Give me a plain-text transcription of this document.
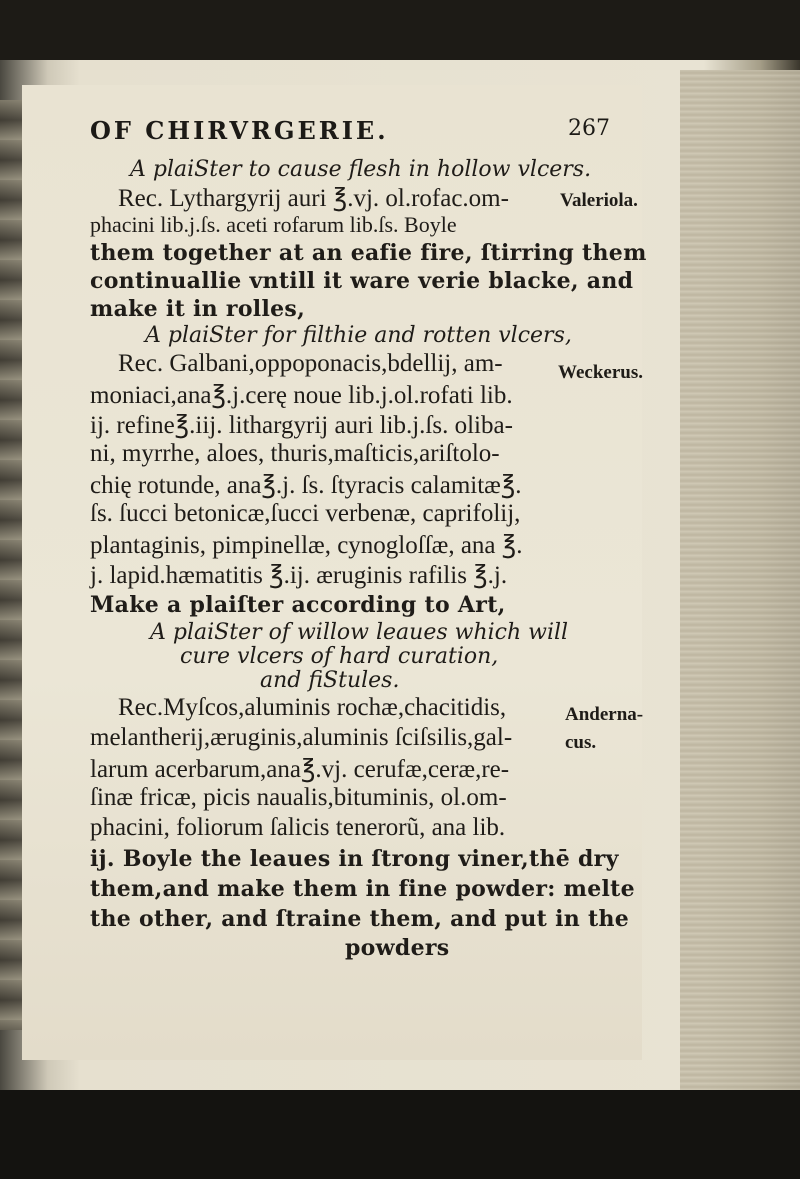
OF CHIRVRGERIE.	267
A plaiSter to cause flesh in hollow vlcers.
Rec. Lythargyrij auri ℥.vj. ol.rofac.om-
phacini lib.j.ſs. aceti rofarum lib.ſs. Boyle
them together at an eafie fire, ſtirring them
continuallie vntill it ware verie blacke, and
make it in rolles,
A plaiSter for filthie and rotten vlcers,
Rec. Galbani,oppoponacis,bdellij, am-
moniaci,ana℥.j.cerę noue lib.j.ol.rofati lib.
ij. refine℥.iij. lithargyrij auri lib.j.ſs. oliba-
ni, myrrhe, aloes, thuris,maſticis,ariſtolo-
chię rotunde, ana℥.j. ſs. ſtyracis calamitæ℥.
ſs. ſucci betonicæ,ſucci verbenæ, caprifolij,
plantaginis, pimpinellæ, cynogloſſæ, ana ℥.
j. lapid.hæmatitis ℥.ij. æruginis rafilis ℥.j.
Make a plaiſter according to Art,
A plaiSter of willow leaues which will
cure vlcers of hard curation,
and fiStules.
Rec.Myſcos,aluminis rochæ,chacitidis,
melantherij,æruginis,aluminis ſciſsilis,gal-
larum acerbarum,ana℥.vj. cerufæ,ceræ,re-
ſinæ fricæ, picis naualis,bituminis, ol.om-
phacini, foliorum ſalicis tenerorũ, ana lib.
ij. Boyle the leaues in ſtrong viner,thē dry
them,and make them in fine powder: melte
the other, and ſtraine them, and put in the
powders
Valeriola.
Weckerus.
Anderna-
cus.
